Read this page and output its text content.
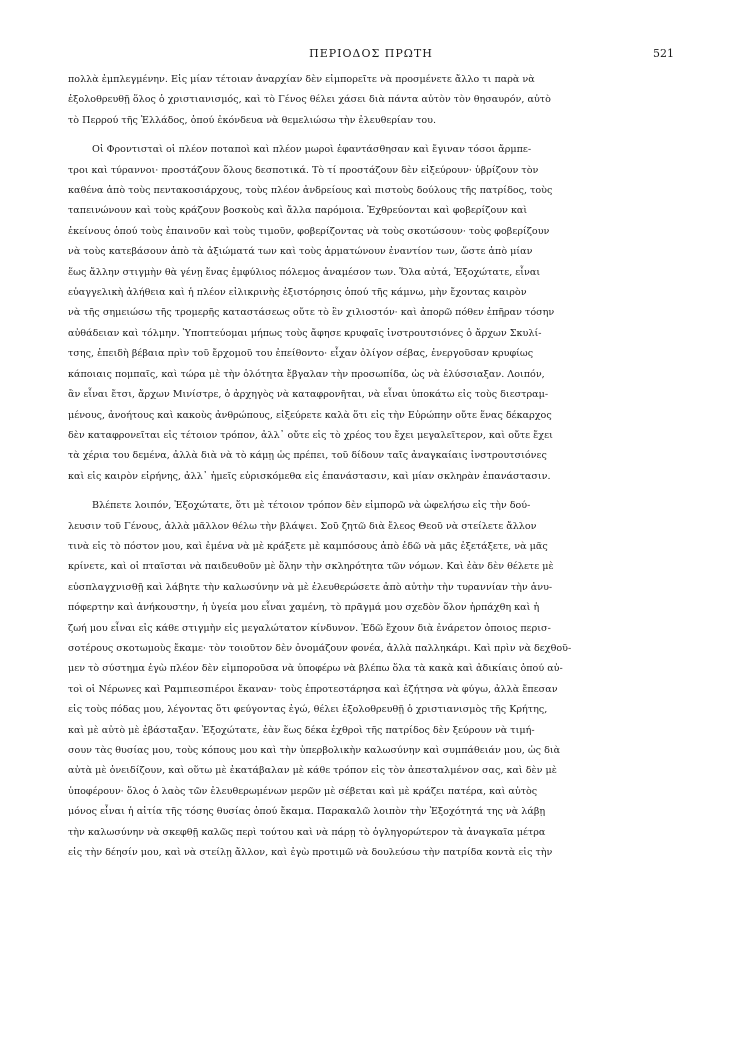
ΠΕΡΙΟΔΟΣ ΠΡΩΤΗ	521
πολλὰ ἐμπλεγμένην. Εἰς μίαν τέτοιαν ἀναρχίαν δὲν εἰμπορεῖτε νὰ προσμένετε ἄλλο τι παρὰ νὰ
ἐξολοθρευθῇ ὅλος ὁ χριστιανισμός, καὶ τὸ Γένος θέλει χάσει διὰ πάντα αὐτὸν τὸν θησαυρόν, αὐτὸ
τὸ Περρού τῆς Ἑλλάδος, ὁπού ἐκόνδευα νὰ θεμελιώσω τὴν ἐλευθερίαν του.
Οἱ Φροντισταὶ οἱ πλέον ποταποὶ καὶ πλέον μωροὶ ἐφαντάσθησαν καὶ ἔγιναν τόσοι ἄρμπε-
τροι καὶ τύραννοι· προστάζουν ὅλους δεσποτικά. Τὸ τί προστάζουν δὲν εἰξεύρουν· ὑβρίζουν τὸν
καθένα ἀπὸ τοὺς πεντακοσιάρχους, τοὺς πλέον ἀνδρείους καὶ πιστοὺς δούλους τῆς πατρίδος, τοὺς
ταπεινώνουν καὶ τοὺς κράζουν βοσκοὺς καὶ ἄλλα παρόμοια. Ἐχθρεύονται καὶ φοβερίζουν καὶ
ἐκείνους ὁπού τοὺς ἐπαινοῦν καὶ τοὺς τιμοῦν, φοβερίζοντας νὰ τοὺς σκοτώσουν· τοὺς φοβερίζουν
νὰ τοὺς κατεβάσουν ἀπὸ τὰ ἀξιώματά των καὶ τοὺς ἀρματώνουν ἐναντίον των, ὥστε ἀπὸ μίαν
ἕως ἄλλην στιγμὴν θὰ γένῃ ἕνας ἐμφύλιος πόλεμος ἀναμέσον των. Ὅλα αὐτά, Ἐξοχώτατε, εἶναι
εὐαγγελικὴ ἀλήθεια καὶ ἡ πλέον εἰλικρινὴς ἐξιστόρησις ὁπού τῆς κάμνω, μὴν ἔχοντας καιρὸν
νὰ τῆς σημειώσω τῆς τρομερῆς καταστάσεως οὔτε τὸ ἓν χιλιοστόν· καὶ ἀπορῶ πόθεν ἐπῆραν τόσην
αὐθάδειαν καὶ τόλμην. Ὑποπτεύομαι μήπως τοὺς ἄφησε κρυφαῖς ἰνστρουτσιόνες ὁ ἄρχων Σκυλί-
τσης, ἐπειδὴ βέβαια πρὶν τοῦ ἔρχομοῦ του ἐπείθοντο· εἶχαν ὀλίγον σέβας, ἐνεργοῦσαν κρυφίως
κάποιαις πομπαῖς, καὶ τώρα μὲ τὴν ὁλότητα ἔβγαλαν τὴν προσωπίδα, ὡς νὰ ἐλύσσιαξαν. Λοιπόν,
ἂν εἶναι ἔτσι, ἄρχων Μινίστρε, ὁ ἀρχηγὸς νὰ καταφρονῆται, νὰ εἶναι ὑποκάτω εἰς τοὺς διεστραμ-
μένους, ἀνοήτους καὶ κακοὺς ἀνθρώπους, εἰξεύρετε καλὰ ὅτι εἰς τὴν Εὐρώπην οὔτε ἕνας δέκαρχος
δὲν καταφρονεῖται εἰς τέτοιον τρόπον, ἀλλ᾽ οὔτε εἰς τὸ χρέος του ἔχει μεγαλεῖτερον, καὶ οὔτε ἔχει
τὰ χέρια του δεμένα, ἀλλὰ διὰ νὰ τὸ κάμῃ ὡς πρέπει, τοῦ δίδουν ταῖς ἀναγκαίαις ἰνστρουτσιόνες
καὶ εἰς καιρὸν εἰρήνης, ἀλλ᾽ ἡμεῖς εὑρισκόμεθα εἰς ἐπανάστασιν, καὶ μίαν σκληρὰν ἐπανάστασιν.
Βλέπετε λοιπόν, Ἐξοχώτατε, ὅτι μὲ τέτοιον τρόπον δὲν εἰμπορῶ νὰ ὠφελήσω εἰς τὴν δού-
λευσιν τοῦ Γένους, ἀλλὰ μᾶλλον θέλω τὴν βλάψει. Σοῦ ζητῶ διὰ ἔλεος Θεοῦ νὰ στείλετε ἄλλον
τινὰ εἰς τὸ πόστον μου, καὶ ἐμένα νὰ μὲ κράξετε μὲ καμπόσους ἀπὸ ἐδῶ νὰ μᾶς ἐξετάξετε, νὰ μᾶς
κρίνετε, καὶ οἱ πταῖσται νὰ παιδευθοῦν μὲ ὅλην τὴν σκληρότητα τῶν νόμων. Καὶ ἐὰν δὲν θέλετε μὲ
εὐσπλαγχνισθῇ καὶ λάβητε τὴν καλωσύνην νὰ μὲ ἐλευθερώσετε ἀπὸ αὐτὴν τὴν τυραννίαν τὴν ἀνυ-
πόφερτην καὶ ἀνήκουστην, ἡ ὑγεία μου εἶναι χαμένη, τὸ πρᾶγμά μου σχεδὸν ὅλον ἡρπάχθη καὶ ἡ
ζωή μου εἶναι εἰς κάθε στιγμὴν εἰς μεγαλώτατον κίνδυνον. Ἐδῶ ἔχουν διὰ ἐνάρετον ὁποιος περισ-
σοτέρους σκοτωμοὺς ἔκαμε· τὸν τοιοῦτον δὲν ὀνομάζουν φονέα, ἀλλὰ παλληκάρι. Καὶ πρὶν νὰ δεχθοῦ-
μεν τὸ σύστημα ἐγὼ πλέον δὲν εἰμποροῦσα νὰ ὑποφέρω νὰ βλέπω ὅλα τὰ κακὰ καὶ ἀδικίαις ὁπού αὐ-
τοὶ οἱ Νέρωνες καὶ Ραμπιεσπιέροι ἔκαναν· τοὺς ἐπροτεστάρησα καὶ ἐζήτησα νὰ φύγω, ἀλλὰ ἔπεσαν
εἰς τοὺς πόδας μου, λέγοντας ὅτι φεύγοντας ἐγώ, θέλει ἐξολοθρευθῇ ὁ χριστιανισμὸς τῆς Κρήτης,
καὶ μὲ αὐτὸ μὲ ἐβάσταξαν. Ἐξοχώτατε, ἐὰν ἕως δέκα ἐχθροὶ τῆς πατρίδος δὲν ξεύρουν νὰ τιμή-
σουν τὰς θυσίας μου, τοὺς κόπους μου καὶ τὴν ὑπερβολικὴν καλωσύνην καὶ συμπάθειάν μου, ὡς διὰ
αὐτὰ μὲ ὀνειδίζουν, καὶ οὕτω μὲ ἐκατάβαλαν μὲ κάθε τρόπον εἰς τὸν ἀπεσταλμένον σας, καὶ δὲν μὲ
ὑποφέρουν· ὅλος ὁ λαὸς τῶν ἐλευθερωμένων μερῶν μὲ σέβεται καὶ μὲ κράζει πατέρα, καὶ αὐτὸς
μόνος εἶναι ἡ αἰτία τῆς τόσης θυσίας ὁπού ἔκαμα. Παρακαλῶ λοιπὸν τὴν Ἐξοχότητά της νὰ λάβῃ
τὴν καλωσύνην νὰ σκεφθῇ καλῶς περὶ τούτου καὶ νὰ πάρῃ τὸ ὀγληγορώτερον τὰ ἀναγκαῖα μέτρα
εἰς τὴν δέησίν μου, καὶ νὰ στείλῃ ἄλλον, καὶ ἐγὼ προτιμῶ νὰ δουλεύσω τὴν πατρίδα κοντὰ εἰς τὴν
